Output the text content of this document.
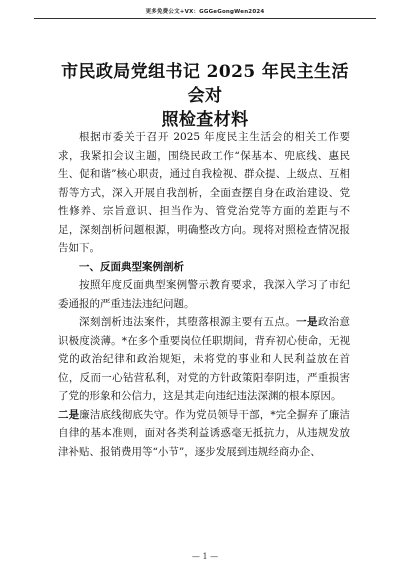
更多免费公文+VX：GGGeGongWen2024
市民政局党组书记 2025 年民主生活会对
照检查材料

根据市委关于召开 2025 年度民主生活会的相关工作要求，我紧扣会议主题，围绕民政工作“保基本、兜底线、惠民生、促和谐”核心职责，通过自我检视、群众提、上级点、互相帮等方式，深入开展自我剖析，全面查摆自身在政治建设、党性修养、宗旨意识、担当作为、管党治党等方面的差距与不足，深刻剖析问题根源，明确整改方向。现将对照检查情况报告如下。

一、反面典型案例剖析

按照年度反面典型案例警示教育要求，我深入学习了市纪委通报的严重违法违纪问题。

深刻剖析违法案件，其堕落根源主要有五点。一是政治意识极度淡薄。*在多个重要岗位任职期间，背弃初心使命，无视党的政治纪律和政治规矩，未将党的事业和人民利益放在首位，反而一心钻营私利，对党的方针政策阳奉阴违，严重损害了党的形象和公信力，这是其走向违纪违法深渊的根本原因。

二是廉洁底线彻底失守。作为党员领导干部，*完全摒弃了廉洁自律的基本准则，面对各类利益诱惑毫无抵抗力，从违规发放津补贴、报销费用等“小节”，逐步发展到违规经商办企、

— 1 —
